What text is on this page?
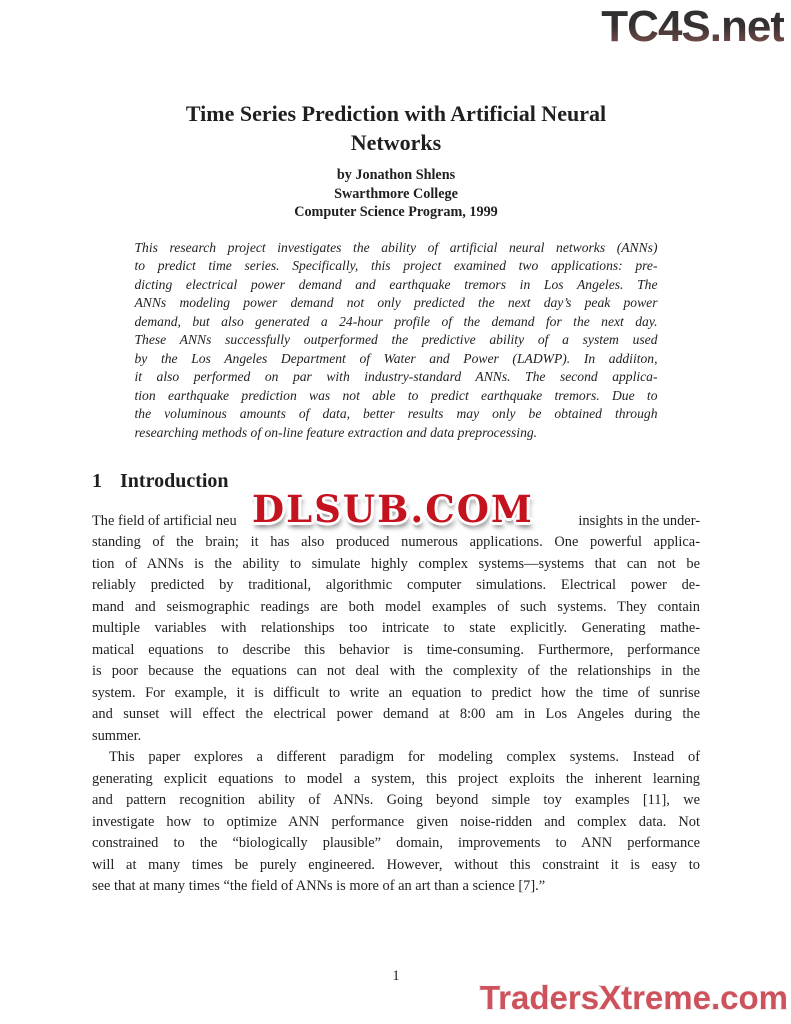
TC4S.net
Time Series Prediction with Artificial Neural
Networks
by Jonathon Shlens
Swarthmore College
Computer Science Program, 1999
This research project investigates the ability of artificial neural networks (ANNs)
to predict time series. Specifically, this project examined two applications: pre-
dicting electrical power demand and earthquake tremors in Los Angeles. The
ANNs modeling power demand not only predicted the next day’s peak power
demand, but also generated a 24-hour profile of the demand for the next day.
These ANNs successfully outperformed the predictive ability of a system used
by the Los Angeles Department of Water and Power (LADWP). In addiiton,
it also performed on par with industry-standard ANNs. The second applica-
tion earthquake prediction was not able to predict earthquake tremors. Due to
the voluminous amounts of data, better results may only be obtained through
researching methods of on-line feature extraction and data preprocessing.
1 Introduction
The field of artificial neu	insights in the under-
standing of the brain; it has also produced numerous applications. One powerful applica-
tion of ANNs is the ability to simulate highly complex systems—systems that can not be
reliably predicted by traditional, algorithmic computer simulations. Electrical power de-
mand and seismographic readings are both model examples of such systems. They contain
multiple variables with relationships too intricate to state explicitly. Generating mathe-
matical equations to describe this behavior is time-consuming. Furthermore, performance
is poor because the equations can not deal with the complexity of the relationships in the
system. For example, it is difficult to write an equation to predict how the time of sunrise
and sunset will effect the electrical power demand at 8:00 am in Los Angeles during the
summer.
This paper explores a different paradigm for modeling complex systems. Instead of
generating explicit equations to model a system, this project exploits the inherent learning
and pattern recognition ability of ANNs. Going beyond simple toy examples [11], we
investigate how to optimize ANN performance given noise-ridden and complex data. Not
constrained to the “biologically plausible” domain, improvements to ANN performance
will at many times be purely engineered. However, without this constraint it is easy to
see that at many times “the field of ANNs is more of an art than a science [7].”
DLSUB.COM
1
TradersXtreme.com
